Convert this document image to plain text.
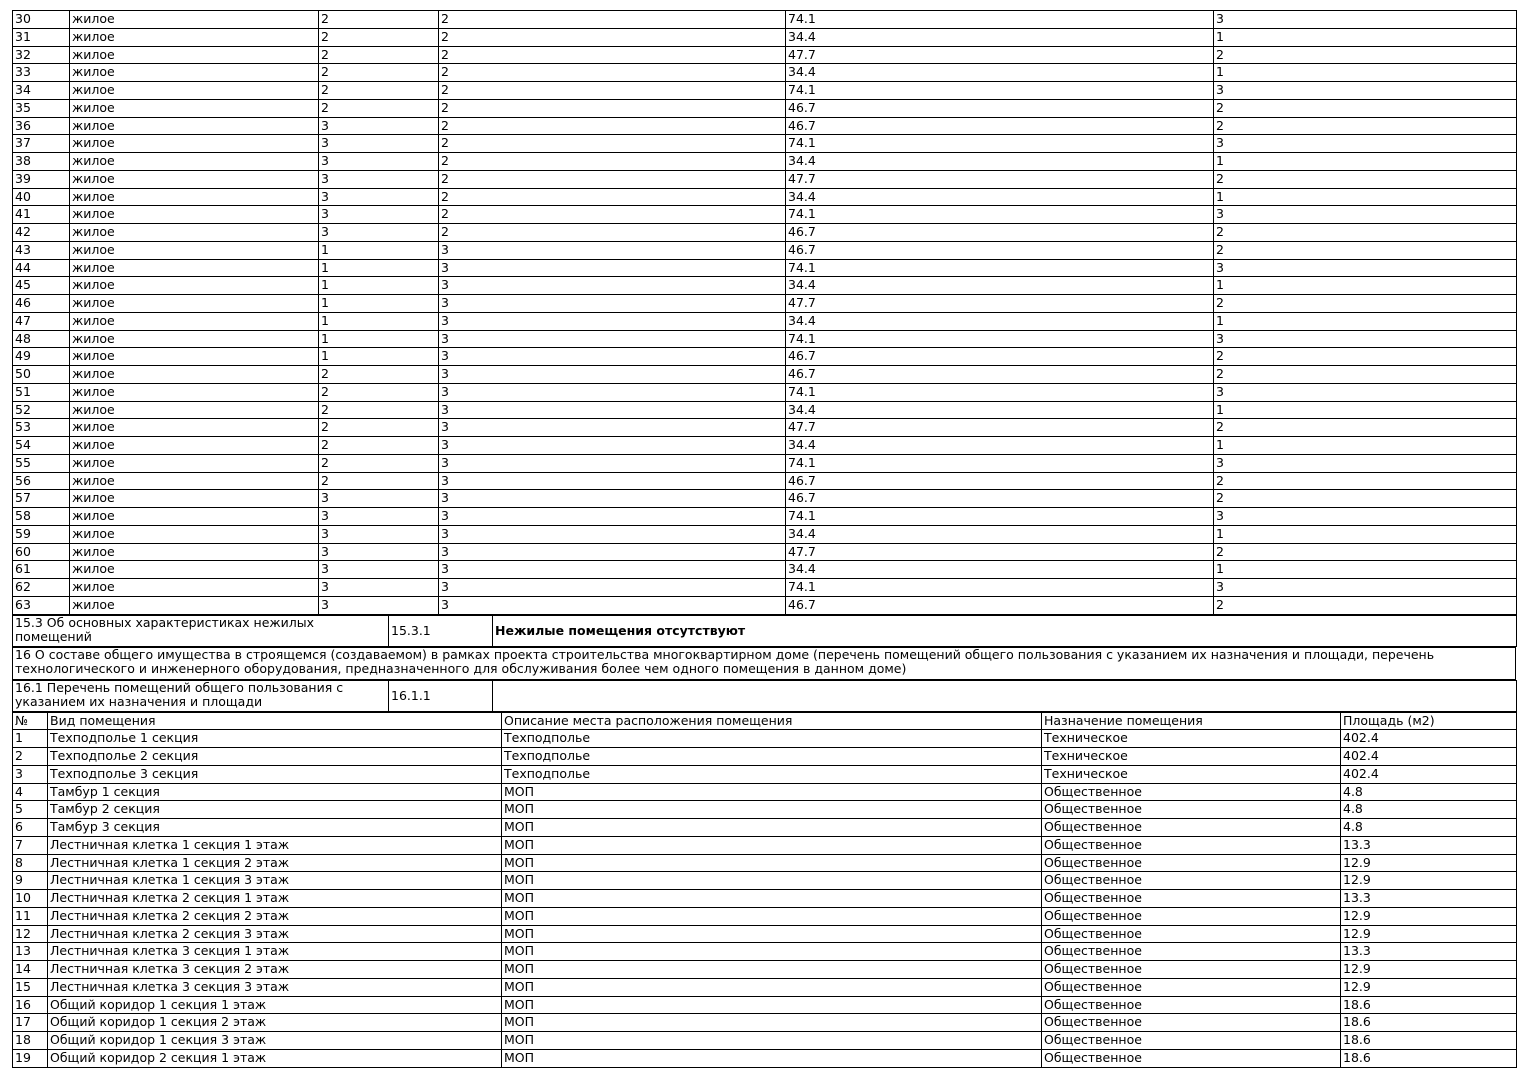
30	жилое	2	2	74.1	3
31	жилое	2	2	34.4	1
32	жилое	2	2	47.7	2
33	жилое	2	2	34.4	1
34	жилое	2	2	74.1	3
35	жилое	2	2	46.7	2
36	жилое	3	2	46.7	2
37	жилое	3	2	74.1	3
38	жилое	3	2	34.4	1
39	жилое	3	2	47.7	2
40	жилое	3	2	34.4	1
41	жилое	3	2	74.1	3
42	жилое	3	2	46.7	2
43	жилое	1	3	46.7	2
44	жилое	1	3	74.1	3
45	жилое	1	3	34.4	1
46	жилое	1	3	47.7	2
47	жилое	1	3	34.4	1
48	жилое	1	3	74.1	3
49	жилое	1	3	46.7	2
50	жилое	2	3	46.7	2
51	жилое	2	3	74.1	3
52	жилое	2	3	34.4	1
53	жилое	2	3	47.7	2
54	жилое	2	3	34.4	1
55	жилое	2	3	74.1	3
56	жилое	2	3	46.7	2
57	жилое	3	3	46.7	2
58	жилое	3	3	74.1	3
59	жилое	3	3	34.4	1
60	жилое	3	3	47.7	2
61	жилое	3	3	34.4	1
62	жилое	3	3	74.1	3
63	жилое	3	3	46.7	2
15.3 Об основных характеристиках нежилых помещений	15.3.1	Нежилые помещения отсутствуют
16 О составе общего имущества в строящемся (создаваемом) в рамках проекта строительства многоквартирном доме (перечень помещений общего пользования с указанием их назначения и площади, перечень технологического и инженерного оборудования, предназначенного для обслуживания более чем одного помещения в данном доме)
16.1 Перечень помещений общего пользования с указанием их назначения и площади	16.1.1	
№	Вид помещения	Описание места расположения помещения	Назначение помещения	Площадь (м2)
1	Техподполье 1 секция	Техподполье	Техническое	402.4
2	Техподполье 2 секция	Техподполье	Техническое	402.4
3	Техподполье 3 секция	Техподполье	Техническое	402.4
4	Тамбур 1 секция	МОП	Общественное	4.8
5	Тамбур 2 секция	МОП	Общественное	4.8
6	Тамбур 3 секция	МОП	Общественное	4.8
7	Лестничная клетка 1 секция 1 этаж	МОП	Общественное	13.3
8	Лестничная клетка 1 секция 2 этаж	МОП	Общественное	12.9
9	Лестничная клетка 1 секция 3 этаж	МОП	Общественное	12.9
10	Лестничная клетка 2 секция 1 этаж	МОП	Общественное	13.3
11	Лестничная клетка 2 секция 2 этаж	МОП	Общественное	12.9
12	Лестничная клетка 2 секция 3 этаж	МОП	Общественное	12.9
13	Лестничная клетка 3 секция 1 этаж	МОП	Общественное	13.3
14	Лестничная клетка 3 секция 2 этаж	МОП	Общественное	12.9
15	Лестничная клетка 3 секция 3 этаж	МОП	Общественное	12.9
16	Общий коридор 1 секция 1 этаж	МОП	Общественное	18.6
17	Общий коридор 1 секция 2 этаж	МОП	Общественное	18.6
18	Общий коридор 1 секция 3 этаж	МОП	Общественное	18.6
19	Общий коридор 2 секция 1 этаж	МОП	Общественное	18.6
